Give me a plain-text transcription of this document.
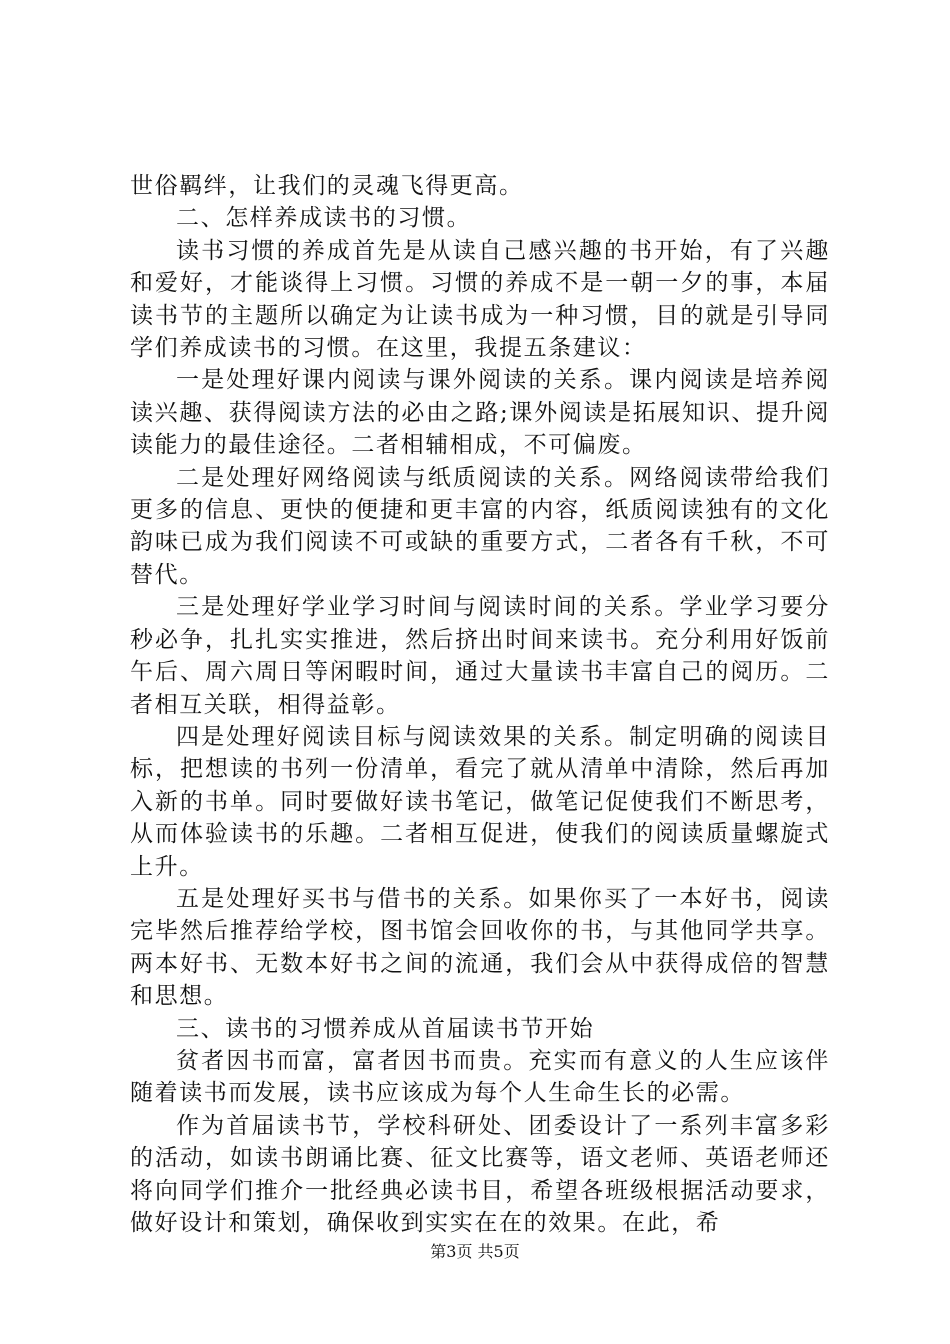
世俗羁绊，让我们的灵魂飞得更高。

二、怎样养成读书的习惯。

读书习惯的养成首先是从读自己感兴趣的书开始，有了兴趣和爱好，才能谈得上习惯。习惯的养成不是一朝一夕的事，本届读书节的主题所以确定为让读书成为一种习惯，目的就是引导同学们养成读书的习惯。在这里，我提五条建议：

一是处理好课内阅读与课外阅读的关系。课内阅读是培养阅读兴趣、获得阅读方法的必由之路;课外阅读是拓展知识、提升阅读能力的最佳途径。二者相辅相成，不可偏废。

二是处理好网络阅读与纸质阅读的关系。网络阅读带给我们更多的信息、更快的便捷和更丰富的内容，纸质阅读独有的文化韵味已成为我们阅读不可或缺的重要方式，二者各有千秋，不可替代。

三是处理好学业学习时间与阅读时间的关系。学业学习要分秒必争，扎扎实实推进，然后挤出时间来读书。充分利用好饭前午后、周六周日等闲暇时间，通过大量读书丰富自己的阅历。二者相互关联，相得益彰。

四是处理好阅读目标与阅读效果的关系。制定明确的阅读目标，把想读的书列一份清单，看完了就从清单中清除，然后再加入新的书单。同时要做好读书笔记，做笔记促使我们不断思考，从而体验读书的乐趣。二者相互促进，使我们的阅读质量螺旋式上升。

五是处理好买书与借书的关系。如果你买了一本好书，阅读完毕然后推荐给学校，图书馆会回收你的书，与其他同学共享。两本好书、无数本好书之间的流通，我们会从中获得成倍的智慧和思想。

三、读书的习惯养成从首届读书节开始

贫者因书而富，富者因书而贵。充实而有意义的人生应该伴随着读书而发展，读书应该成为每个人生命生长的必需。

作为首届读书节，学校科研处、团委设计了一系列丰富多彩的活动，如读书朗诵比赛、征文比赛等，语文老师、英语老师还将向同学们推介一批经典必读书目，希望各班级根据活动要求，做好设计和策划，确保收到实实在在的效果。在此，希

第3页 共5页
